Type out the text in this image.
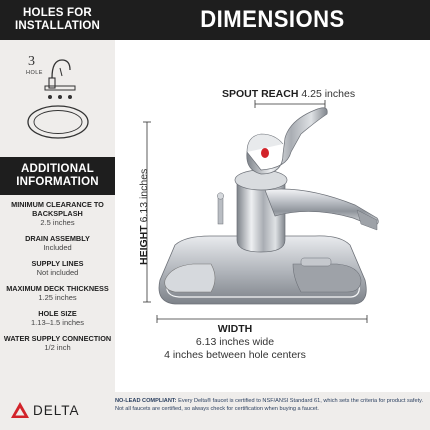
HOLES FOR INSTALLATION
3
HOLE
ADDITIONAL INFORMATION
MINIMUM CLEARANCE TO BACKSPLASH
2.5 inches
DRAIN ASSEMBLY
Included
SUPPLY LINES
Not included
MAXIMUM DECK THICKNESS
1.25 inches
HOLE SIZE
1.13–1.5 inches
WATER SUPPLY CONNECTION
1/2 inch
DIMENSIONS
SPOUT REACH 4.25 inches
HEIGHT 6.13 inches
WIDTH
6.13 inches wide
4 inches between hole centers
DELTA
NO-LEAD COMPLIANT: Every Delta® faucet is certified to NSF/ANSI Standard 61, which sets the criteria for product safety. Not all faucets are certified, so always check for certification when buying a faucet.
